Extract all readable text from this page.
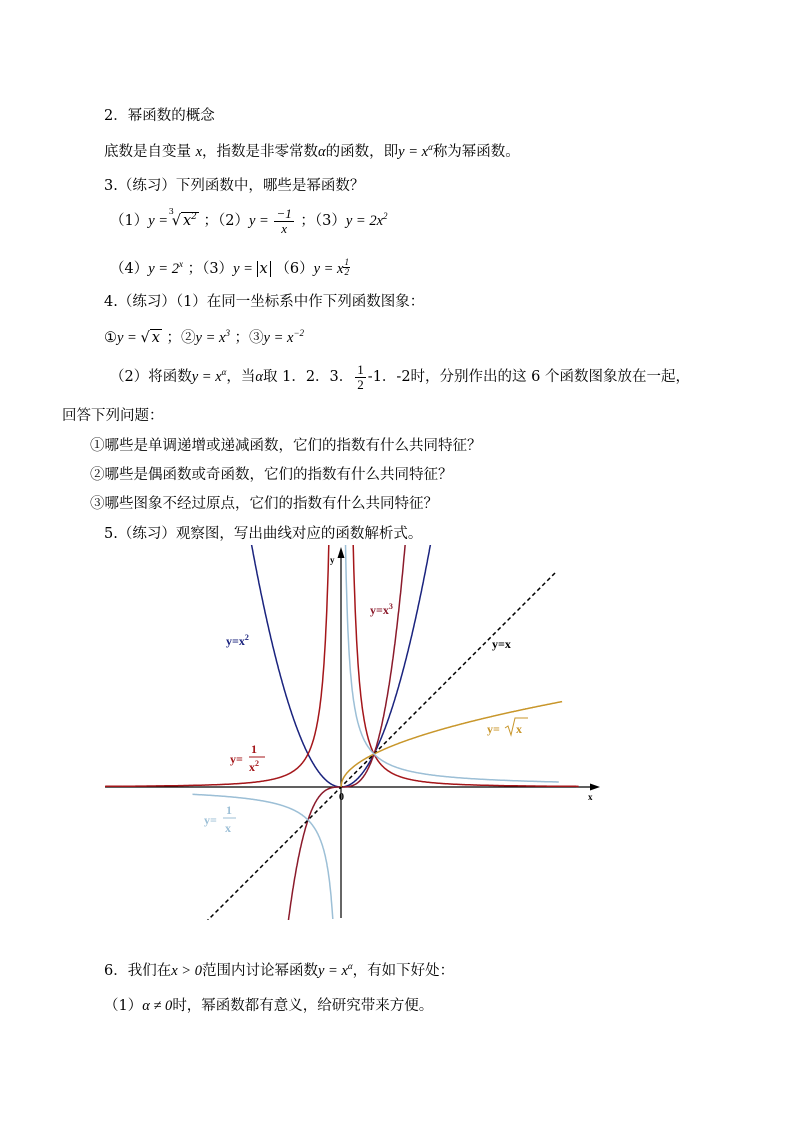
2．幂函数的概念
底数是自变量 x，指数是非零常数α的函数，即$y = x^\alpha$称为幂函数。
3.（练习）下列函数中，哪些是幂函数？
（1）y =
3
√ $x^2$ ；$(2)y = \frac{-1}{x}$ ；$(3)y = 2x^2$
$(4)y = 2^x$ ；（3）y = x （6）y = x $\frac{1}{2}$
4.（练习）（1）在同一坐标系中作下列函数图象：
①y = √ x ；②y = $x^3$ ；③y = $x^{-2}$
（2）将函数$y = x^\alpha$，当α取 1．2．3． $\frac{1}{2} -1$．-2时，分别作出的这 6 个函数图象放在一起，
回答下列问题：
①哪些是单调递增或递减函数，它们的指数有什么共同特征？
②哪些是偶函数或奇函数，它们的指数有什么共同特征？
③哪些图象不经过原点，它们的指数有什么共同特征？
5.（练习）观察图，写出曲线对应的函数解析式。
x
y
0
$y=x^2$
$y=x^3$
y=x
y= x
y=
1
$x^2$
y=
1
x
6．我们在x > 0范围内讨论幂函数$y = x^\alpha$，有如下好处：
（1）α ≠ 0时，幂函数都有意义，给研究带来方便。
